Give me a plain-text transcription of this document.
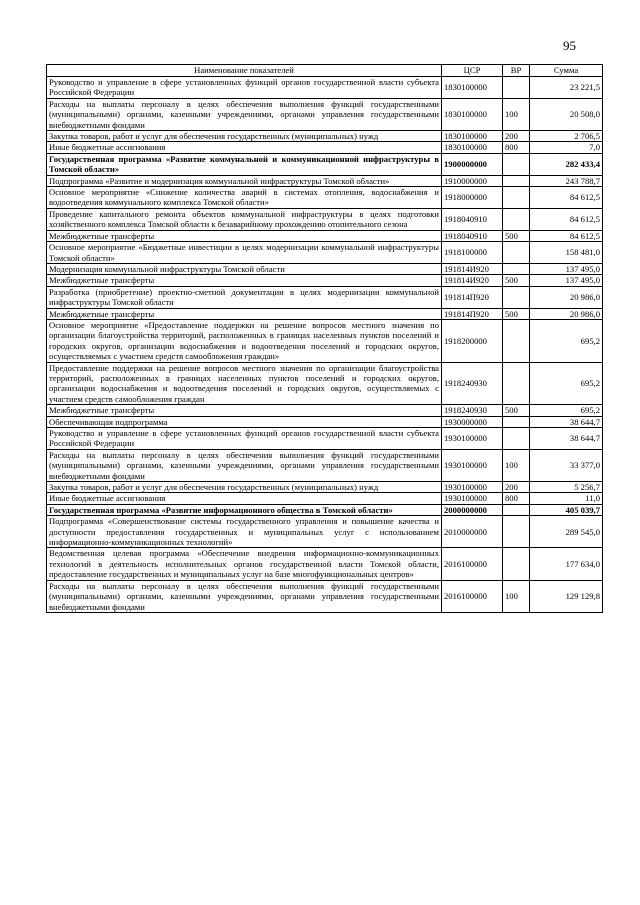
95
Наименование показателей	ЦСР	ВР	Сумма
Руководство и управление в сфере установленных функций органов государственной власти субъекта Российской Федерации	1830100000		23 221,5
Расходы на выплаты персоналу в целях обеспечения выполнения функций государственными (муниципальными) органами, казенными учреждениями, органами управления государственными внебюджетными фондами	1830100000	100	20 508,0
Закупка товаров, работ и услуг для обеспечения государственных (муниципальных) нужд	1830100000	200	2 706,5
Иные бюджетные ассигнования	1830100000	800	7,0
Государственная программа «Развитие коммунальной и коммуникационной инфраструктуры в Томской области»	1900000000		282 433,4
Подпрограмма «Развитие и модернизация коммунальной инфраструктуры Томской области»	1910000000		243 788,7
Основное мероприятие «Снижение количества аварий в системах отопления, водоснабжения и водоотведения коммунального комплекса Томской области»	1918000000		84 612,5
Проведение капитального ремонта объектов коммунальной инфраструктуры в целях подготовки хозяйственного комплекса Томской области к безаварийному прохождению отопительного сезона	1918040910		84 612,5
Межбюджетные трансферты	1918040910	500	84 612,5
Основное мероприятие «Бюджетные инвестиции в целях модернизации коммунальной инфраструктуры Томской области»	1918100000		158 481,0
Модернизация коммунальной инфраструктуры Томской области	191814И920		137 495,0
Межбюджетные трансферты	191814И920	500	137 495,0
Разработка (приобретение) проектно-сметной документации в целях модернизации коммунальной инфраструктуры Томской области	191814П920		20 986,0
Межбюджетные трансферты	191814П920	500	20 986,0
Основное мероприятие «Предоставление поддержки на решение вопросов местного значения по организации благоустройства территорий, расположенных в границах населенных пунктов поселений и городских округов, организации водоснабжения и водоотведения поселений и городских округов, осуществляемых с участием средств самообложения граждан»	1918200000		695,2
Предоставление поддержки на решение вопросов местного значения по организации благоустройства территорий, расположенных в границах населенных пунктов поселений и городских округов, организации водоснабжения и водоотведения поселений и городских округов, осуществляемых с участием средств самообложения граждан	1918240930		695,2
Межбюджетные трансферты	1918240930	500	695,2
Обеспечивающая подпрограмма	1930000000		38 644,7
Руководство и управление в сфере установленных функций органов государственной власти субъекта Российской Федерации	1930100000		38 644,7
Расходы на выплаты персоналу в целях обеспечения выполнения функций государственными (муниципальными) органами, казенными учреждениями, органами управления государственными внебюджетными фондами	1930100000	100	33 377,0
Закупка товаров, работ и услуг для обеспечения государственных (муниципальных) нужд	1930100000	200	5 256,7
Иные бюджетные ассигнования	1930100000	800	11,0
Государственная программа «Развитие информационного общества в Томской области»	2000000000		405 039,7
Подпрограмма «Совершенствование системы государственного управления и повышение качества и доступности предоставления государственных и муниципальных услуг с использованием информационно-коммуникационных технологий»	2010000000		289 545,0
Ведомственная целевая программа «Обеспечение внедрения информационно-коммуникационных технологий в деятельность исполнительных органов государственной власти Томской области, предоставление государственных и муниципальных услуг на базе многофункциональных центров»	2016100000		177 634,0
Расходы на выплаты персоналу в целях обеспечения выполнения функций государственными (муниципальными) органами, казенными учреждениями, органами управления государственными внебюджетными фондами	2016100000	100	129 129,8
